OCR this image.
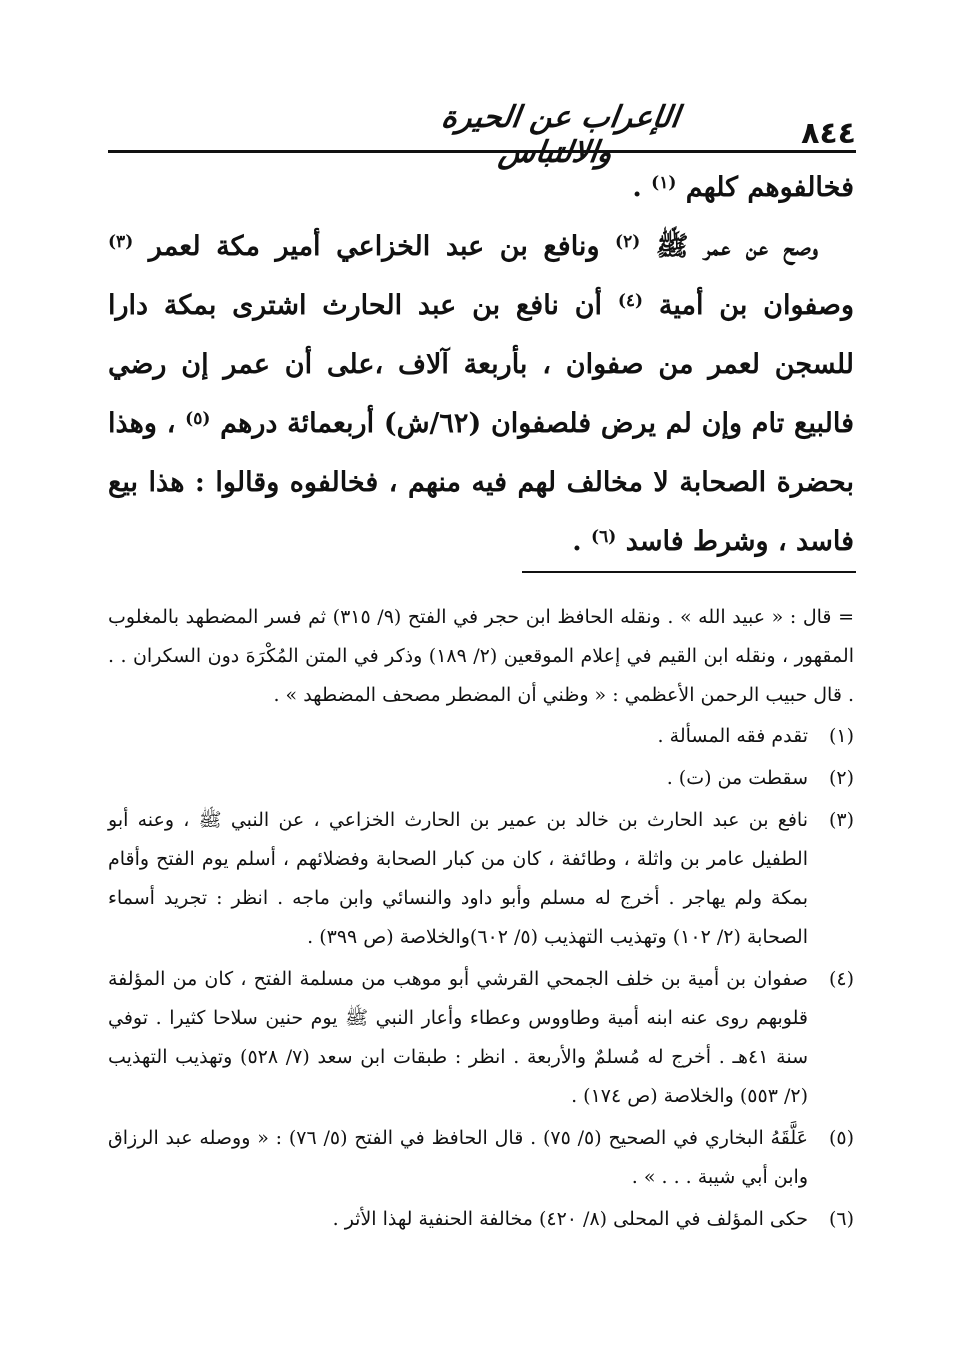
٨٤٤
الإعراب عن الحيرة والالتباس

فخالفوهم كلهم $^{(١)}$ .

وصح عن عمر ﷺ $^{(٢)}$ ونافع بن عبد الخزاعي أمير مكة لعمر $^{(٣)}$ وصفوان بن أمية $^{(٤)}$ أن نافع بن عبد الحارث اشترى بمكة دارا للسجن لعمر من صفوان ، بأربعة آلاف ،على أن عمر إن رضي فالبيع تام وإن لم يرض فلصفوان (٦٢/ش) أربعمائة درهم $^{(٥)}$ ، وهذا بحضرة الصحابة لا مخالف لهم فيه منهم ، فخالفوه وقالوا : هذا بيع فاسد ، وشرط فاسد $^{(٦)}$ .

= قال : « عبيد الله » . ونقله الحافظ ابن حجر في الفتح (٩/ ٣١٥) ثم فسر المضطهد بالمغلوب المقهور ، ونقله ابن القيم في إعلام الموقعين (٢/ ١٨٩) وذكر في المتن المُكْرَهَ دون السكران . . . قال حبيب الرحمن الأعظمي : « وظني أن المضطر مصحف المضطهد » .

(١)
تقدم فقه المسألة .
(٢)
سقطت من (ت) .
(٣)
نافع بن عبد الحارث بن خالد بن عمير بن الحارث الخزاعي ، عن النبي ﷺ ، وعنه أبو الطفيل عامر بن واثلة ، وطائفة ، كان من كبار الصحابة وفضلائهم ، أسلم يوم الفتح وأقام بمكة ولم يهاجر . أخرج له مسلم وأبو داود والنسائي وابن ماجه . انظر : تجريد أسماء الصحابة (٢/ ١٠٢) وتهذيب التهذيب (٥/ ٦٠٢)والخلاصة (ص ٣٩٩) .
(٤)
صفوان بن أمية بن خلف الجمحي القرشي أبو موهب من مسلمة الفتح ، كان من المؤلفة قلوبهم روى عنه ابنه أمية وطاووس وعطاء وأعار النبي ﷺ يوم حنين سلاحا كثيرا . توفي سنة ٤١هـ . أخرج له مُسلمٌ والأربعة . انظر : طبقات ابن سعد (٧/ ٥٢٨) وتهذيب التهذيب (٢/ ٥٥٣) والخلاصة (ص ١٧٤) .
(٥)
عَلَّقَهُ البخاري في الصحيح (٥/ ٧٥) . قال الحافظ في الفتح (٥/ ٧٦) : « ووصله عبد الرزاق وابن أبي شيبة . . . » .
(٦)
حكى المؤلف في المحلى (٨/ ٤٢٠) مخالفة الحنفية لهذا الأثر .
